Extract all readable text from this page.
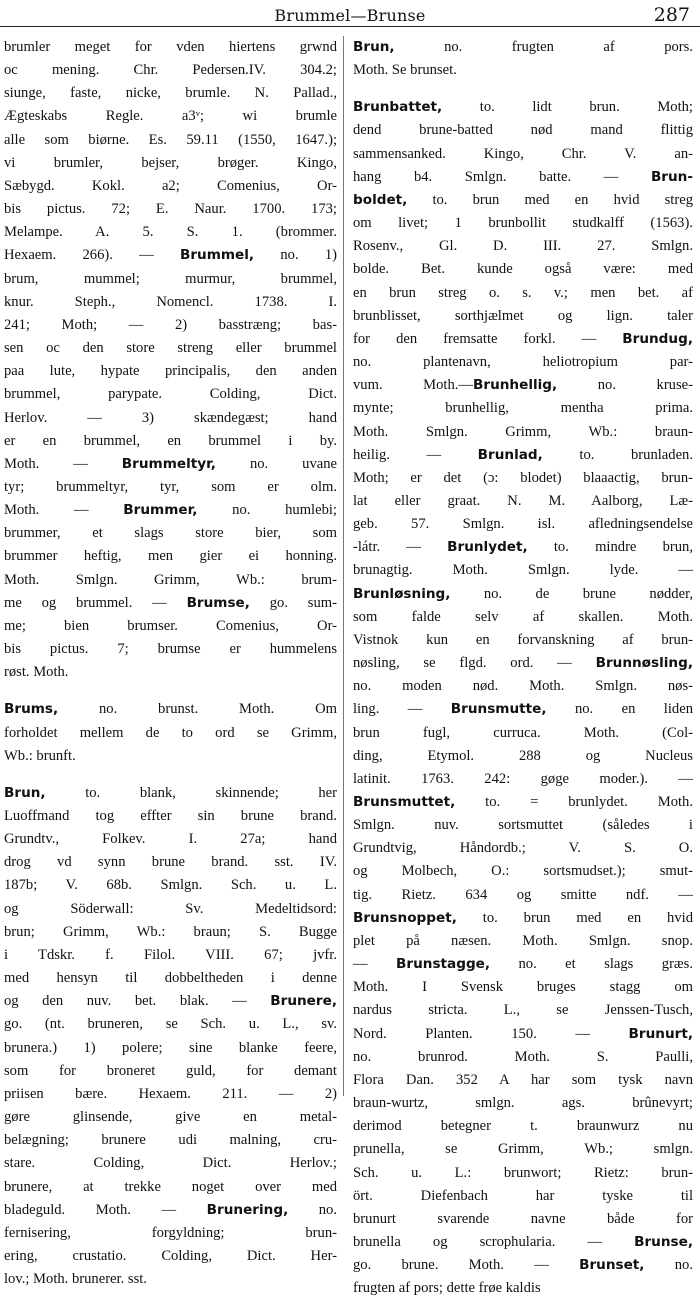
Brummel—Brunse	287
brumler meget for vden hiertens grwnd
oc mening. Chr. Pedersen.IV. 304.2;
siunge, faste, nicke, brumle. N. Pallad.,
Ægteskabs Regle. a3ᵛ; wi brumle
alle som biørne. Es. 59.11 (1550, 1647.);
vi brumler, bejser, brøger. Kingo,
Sæbygd. Kokl. a2; Comenius, Or-
bis pictus. 72; E. Naur. 1700. 173;
Melampe. A. 5. S. 1. (brommer.
Hexaem. 266). — Brummel, no. 1)
brum, mummel; murmur, brummel,
knur. Steph., Nomencl. 1738. I.
241; Moth; — 2) basstræng; bas-
sen oc den store streng eller brummel
paa lute, hypate principalis, den anden
brummel, parypate. Colding, Dict.
Herlov. — 3) skændegæst; hand
er en brummel, en brummel i by.
Moth. — Brummeltyr, no. uvane
tyr; brummeltyr, tyr, som er olm.
Moth. — Brummer, no. humlebi;
brummer, et slags store bier, som
brummer heftig, men gier ei honning.
Moth. Smlgn. Grimm, Wb.: brum-
me og brummel. — Brumse, go. sum-
me; bien brumser. Comenius, Or-
bis pictus. 7; brumse er hummelens
røst. Moth.
Brums, no. brunst. Moth. Om
forholdet mellem de to ord se Grimm,
Wb.: brunft.
Brun, to. blank, skinnende; her
Luoffmand tog effter sin brune brand.
Grundtv., Folkev. I. 27a; hand
drog vd synn brune brand. sst. IV.
187b; V. 68b. Smlgn. Sch. u. L.
og Söderwall: Sv. Medeltidsord:
brun; Grimm, Wb.: braun; S. Bugge
i Tdskr. f. Filol. VIII. 67; jvfr.
med hensyn til dobbeltheden i denne
og den nuv. bet. blak. — Brunere,
go. (nt. bruneren, se Sch. u. L., sv.
brunera.) 1) polere; sine blanke feere,
som for broneret guld, for demant
priisen bære. Hexaem. 211. — 2)
gøre glinsende, give en metal-
belægning; brunere udi malning, cru-
stare. Colding, Dict. Herlov.;
brunere, at trekke noget over med
bladeguld. Moth. — Brunering, no.
fernisering, forgyldning; brun-
ering, crustatio. Colding, Dict. Her-
lov.; Moth. brunerer. sst.
Brun, no. frugten af pors.
Moth. Se brunset.
Brunbattet, to. lidt brun. Moth;
dend brune-batted nød mand flittig
sammensanked. Kingo, Chr. V. an-
hang b4. Smlgn. batte. — Brun-
boldet, to. brun med en hvid streg
om livet; 1 brunbollit studkalff (1563).
Rosenv., Gl. D. III. 27. Smlgn.
bolde. Bet. kunde også være: med
en brun streg o. s. v.; men bet. af
brunblisset, sorthjælmet og lign. taler
for den fremsatte forkl. — Brundug,
no. plantenavn, heliotropium par-
vum. Moth.—Brunhellig, no. kruse-
mynte; brunhellig, mentha prima.
Moth. Smlgn. Grimm, Wb.: braun-
heilig. — Brunlad, to. brunladen.
Moth; er det (ɔ: blodet) blaaactig, brun-
lat eller graat. N. M. Aalborg, Læ-
geb. 57. Smlgn. isl. afledningsendelse
-látr. — Brunlydet, to. mindre brun,
brunagtig. Moth. Smlgn. lyde. —
Brunløsning, no. de brune nødder,
som falde selv af skallen. Moth.
Vistnok kun en forvanskning af brun-
nøsling, se flgd. ord. — Brunnøsling,
no. moden nød. Moth. Smlgn. nøs-
ling. — Brunsmutte, no. en liden
brun fugl, curruca. Moth. (Col-
ding, Etymol. 288 og Nucleus
latinit. 1763. 242: gøge moder.). —
Brunsmuttet, to. = brunlydet. Moth.
Smlgn. nuv. sortsmuttet (således i
Grundtvig, Håndordb.; V. S. O.
og Molbech, O.: sortsmudset.); smut-
tig. Rietz. 634 og smitte ndf. —
Brunsnoppet, to. brun med en hvid
plet på næsen. Moth. Smlgn. snop.
— Brunstagge, no. et slags græs.
Moth. I Svensk bruges stagg om
nardus stricta. L., se Jenssen-Tusch,
Nord. Planten. 150. — Brunurt,
no. brunrod. Moth. S. Paulli,
Flora Dan. 352 A har som tysk navn
braun-wurtz, smlgn. ags. brûnevyrt;
derimod betegner t. braunwurz nu
prunella, se Grimm, Wb.; smlgn.
Sch. u. L.: brunwort; Rietz: brun-
ört. Diefenbach har tyske til
brunurt svarende navne både for
brunella og scrophularia. — Brunse,
go. brune. Moth. — Brunset, no.
frugten af pors; dette frøe kaldis
